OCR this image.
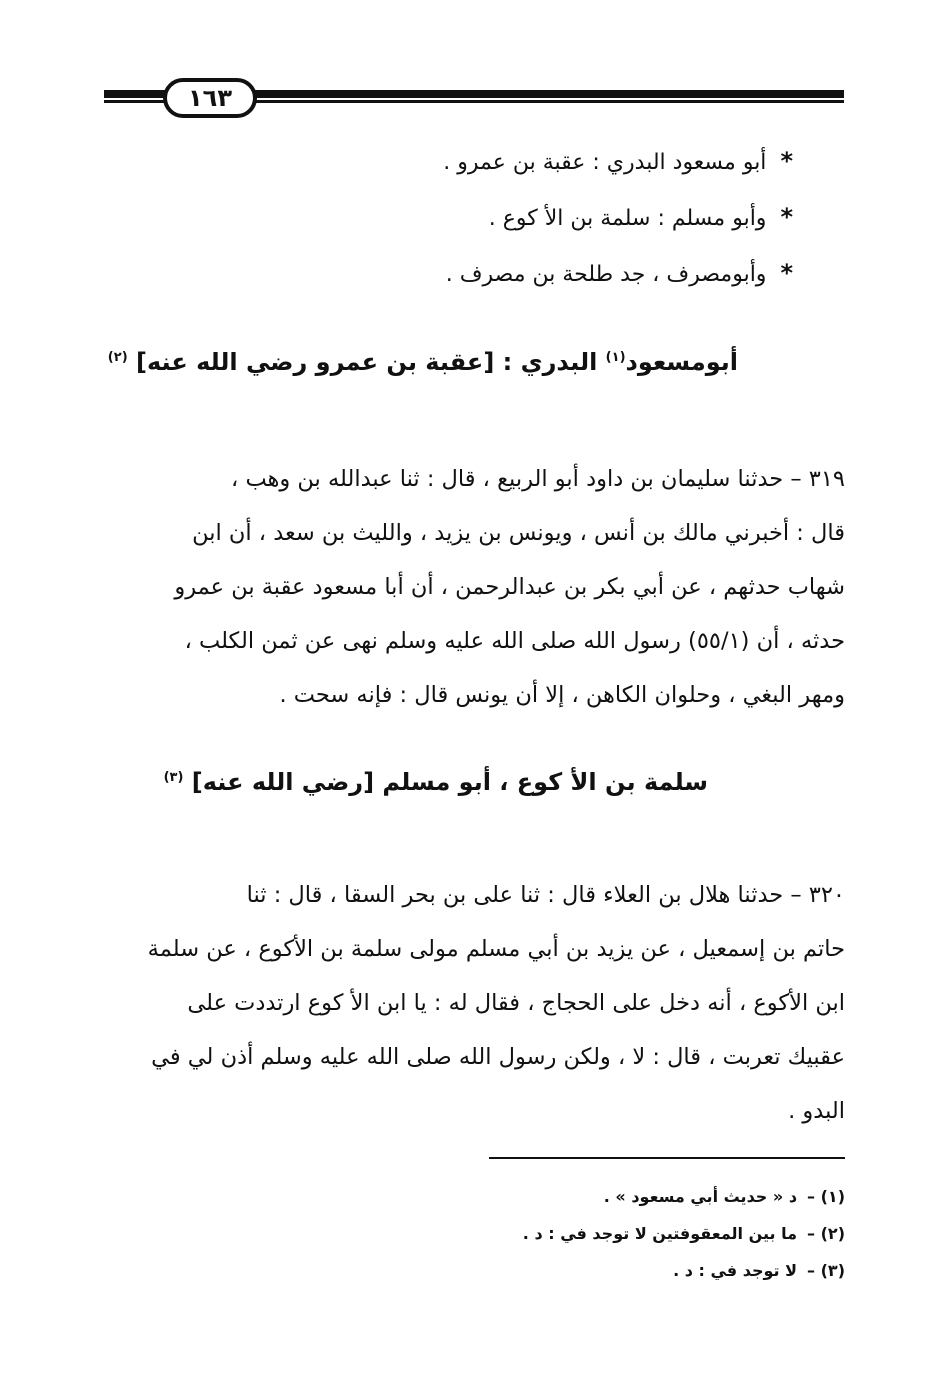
١٦٣
*أبو مسعود البدري : عقبة بن عمرو .
*وأبو مسلم : سلمة بن الأ كوع .
*وأبومصرف ، جد طلحة بن مصرف .
أبومسعود$^{(١)}$ البدري : [عقبة بن عمرو رضي الله عنه] $^{(٢)}$

٣١٩ – حدثنا سليمان بن داود أبو الربيع ، قال : ثنا عبدالله بن وهب ،

قال : أخبرني مالك بن أنس ، ويونس بن يزيد ، والليث بن سعد ، أن ابن

شهاب حدثهم ، عن أبي بكر بن عبدالرحمن ، أن أبا مسعود عقبة بن عمرو

حدثه ، أن (٥٥/١) رسول الله صلى الله عليه وسلم نهى عن ثمن الكلب ،

ومهر البغي ، وحلوان الكاهن ، إلا أن يونس قال : فإنه سحت .

سلمة بن الأ كوع ، أبو مسلم [رضي الله عنه] $^{(٣)}$

٣٢٠ – حدثنا هلال بن العلاء قال : ثنا على بن بحر السقا ، قال : ثنا

حاتم بن إسمعيل ، عن يزيد بن أبي مسلم مولى سلمة بن الأكوع ، عن سلمة

ابن الأكوع ، أنه دخل على الحجاج ، فقال له : يا ابن الأ كوع ارتددت على

عقبيك تعربت ، قال : لا ، ولكن رسول الله صلى الله عليه وسلم أذن لي في

البدو .

(١) –د « حديث أبي مسعود » .
(٢) –ما بين المعقوفتين لا توجد في : د .
(٣) –لا توجد في : د .
